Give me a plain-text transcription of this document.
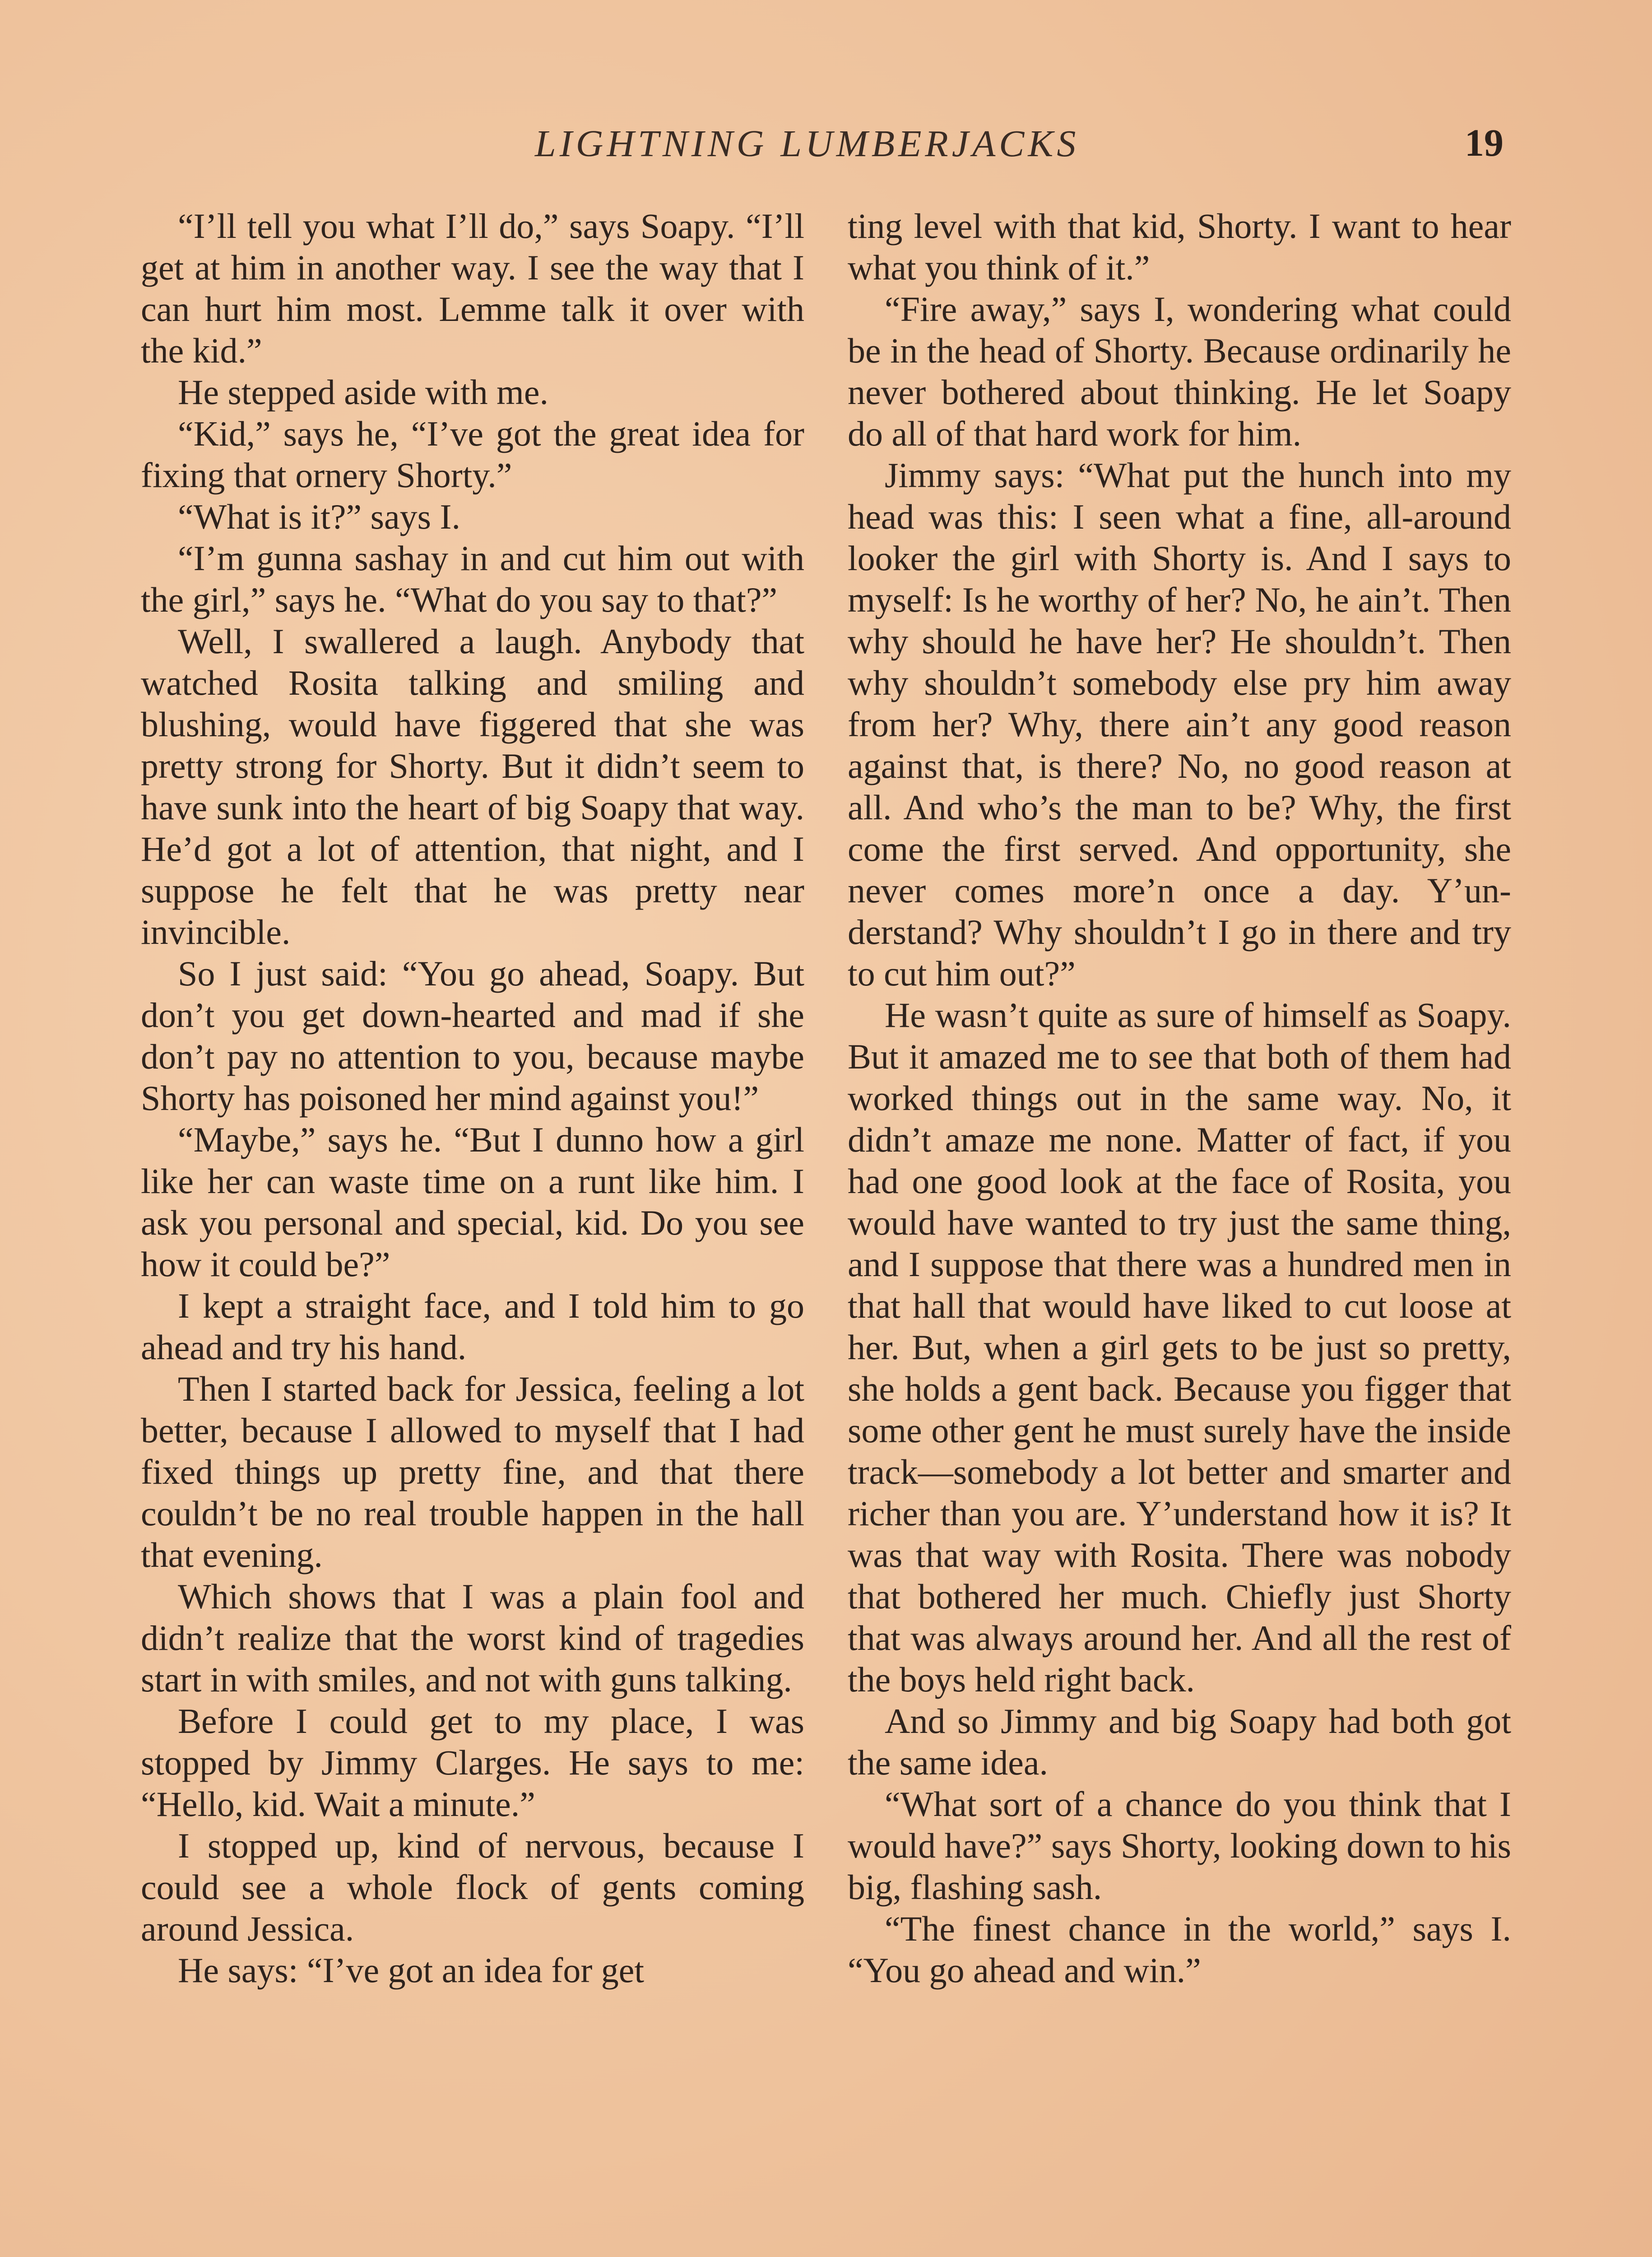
LIGHTNING LUMBERJACKS	19

“I’ll tell you what I’ll do,” says Soapy. “I’ll get at him in another way. I see the way that I can hurt him most. Lemme talk it over with the kid.”

He stepped aside with me.

“Kid,” says he, “I’ve got the great idea for fixing that ornery Shorty.”

“What is it?” says I.

“I’m gunna sashay in and cut him out with the girl,” says he. “What do you say to that?”

Well, I swallered a laugh. Anybody that watched Rosita talking and smiling and blushing, would have figgered that she was pretty strong for Shorty. But it didn’t seem to have sunk into the heart of big Soapy that way. He’d got a lot of attention, that night, and I suppose he felt that he was pretty near invincible.

So I just said: “You go ahead, Soapy. But don’t you get down-hearted and mad if she don’t pay no attention to you, because maybe Shorty has poisoned her mind against you!”

“Maybe,” says he. “But I dunno how a girl like her can waste time on a runt like him. I ask you personal and special, kid. Do you see how it could be?”

I kept a straight face, and I told him to go ahead and try his hand.

Then I started back for Jessica, feeling a lot better, because I allowed to myself that I had fixed things up pretty fine, and that there couldn’t be no real trouble happen in the hall that evening.

Which shows that I was a plain fool and didn’t realize that the worst kind of tragedies start in with smiles, and not with guns talking.

Before I could get to my place, I was stopped by Jimmy Clarges. He says to me: “Hello, kid. Wait a minute.”

I stopped up, kind of nervous, because I could see a whole flock of gents coming around Jessica.

He says: “I’ve got an idea for get

ting level with that kid, Shorty. I want to hear what you think of it.”

“Fire away,” says I, wondering what could be in the head of Shorty. Because ordinarily he never bothered about thinking. He let Soapy do all of that hard work for him.

Jimmy says: “What put the hunch into my head was this: I seen what a fine, all-around looker the girl with Shorty is. And I says to myself: Is he worthy of her? No, he ain’t. Then why should he have her? He shouldn’t. Then why shouldn’t somebody else pry him away from her? Why, there ain’t any good reason against that, is there? No, no good reason at all. And who’s the man to be? Why, the first come the first served. And opportunity, she never comes more’n once a day. Y’understand? Why shouldn’t I go in there and try to cut him out?”

He wasn’t quite as sure of himself as Soapy. But it amazed me to see that both of them had worked things out in the same way. No, it didn’t amaze me none. Matter of fact, if you had one good look at the face of Rosita, you would have wanted to try just the same thing, and I suppose that there was a hundred men in that hall that would have liked to cut loose at her. But, when a girl gets to be just so pretty, she holds a gent back. Because you figger that some other gent he must surely have the inside track—somebody a lot better and smarter and richer than you are. Y’understand how it is? It was that way with Rosita. There was nobody that bothered her much. Chiefly just Shorty that was always around her. And all the rest of the boys held right back.

And so Jimmy and big Soapy had both got the same idea.

“What sort of a chance do you think that I would have?” says Shorty, looking down to his big, flashing sash.

“The finest chance in the world,” says I. “You go ahead and win.”
